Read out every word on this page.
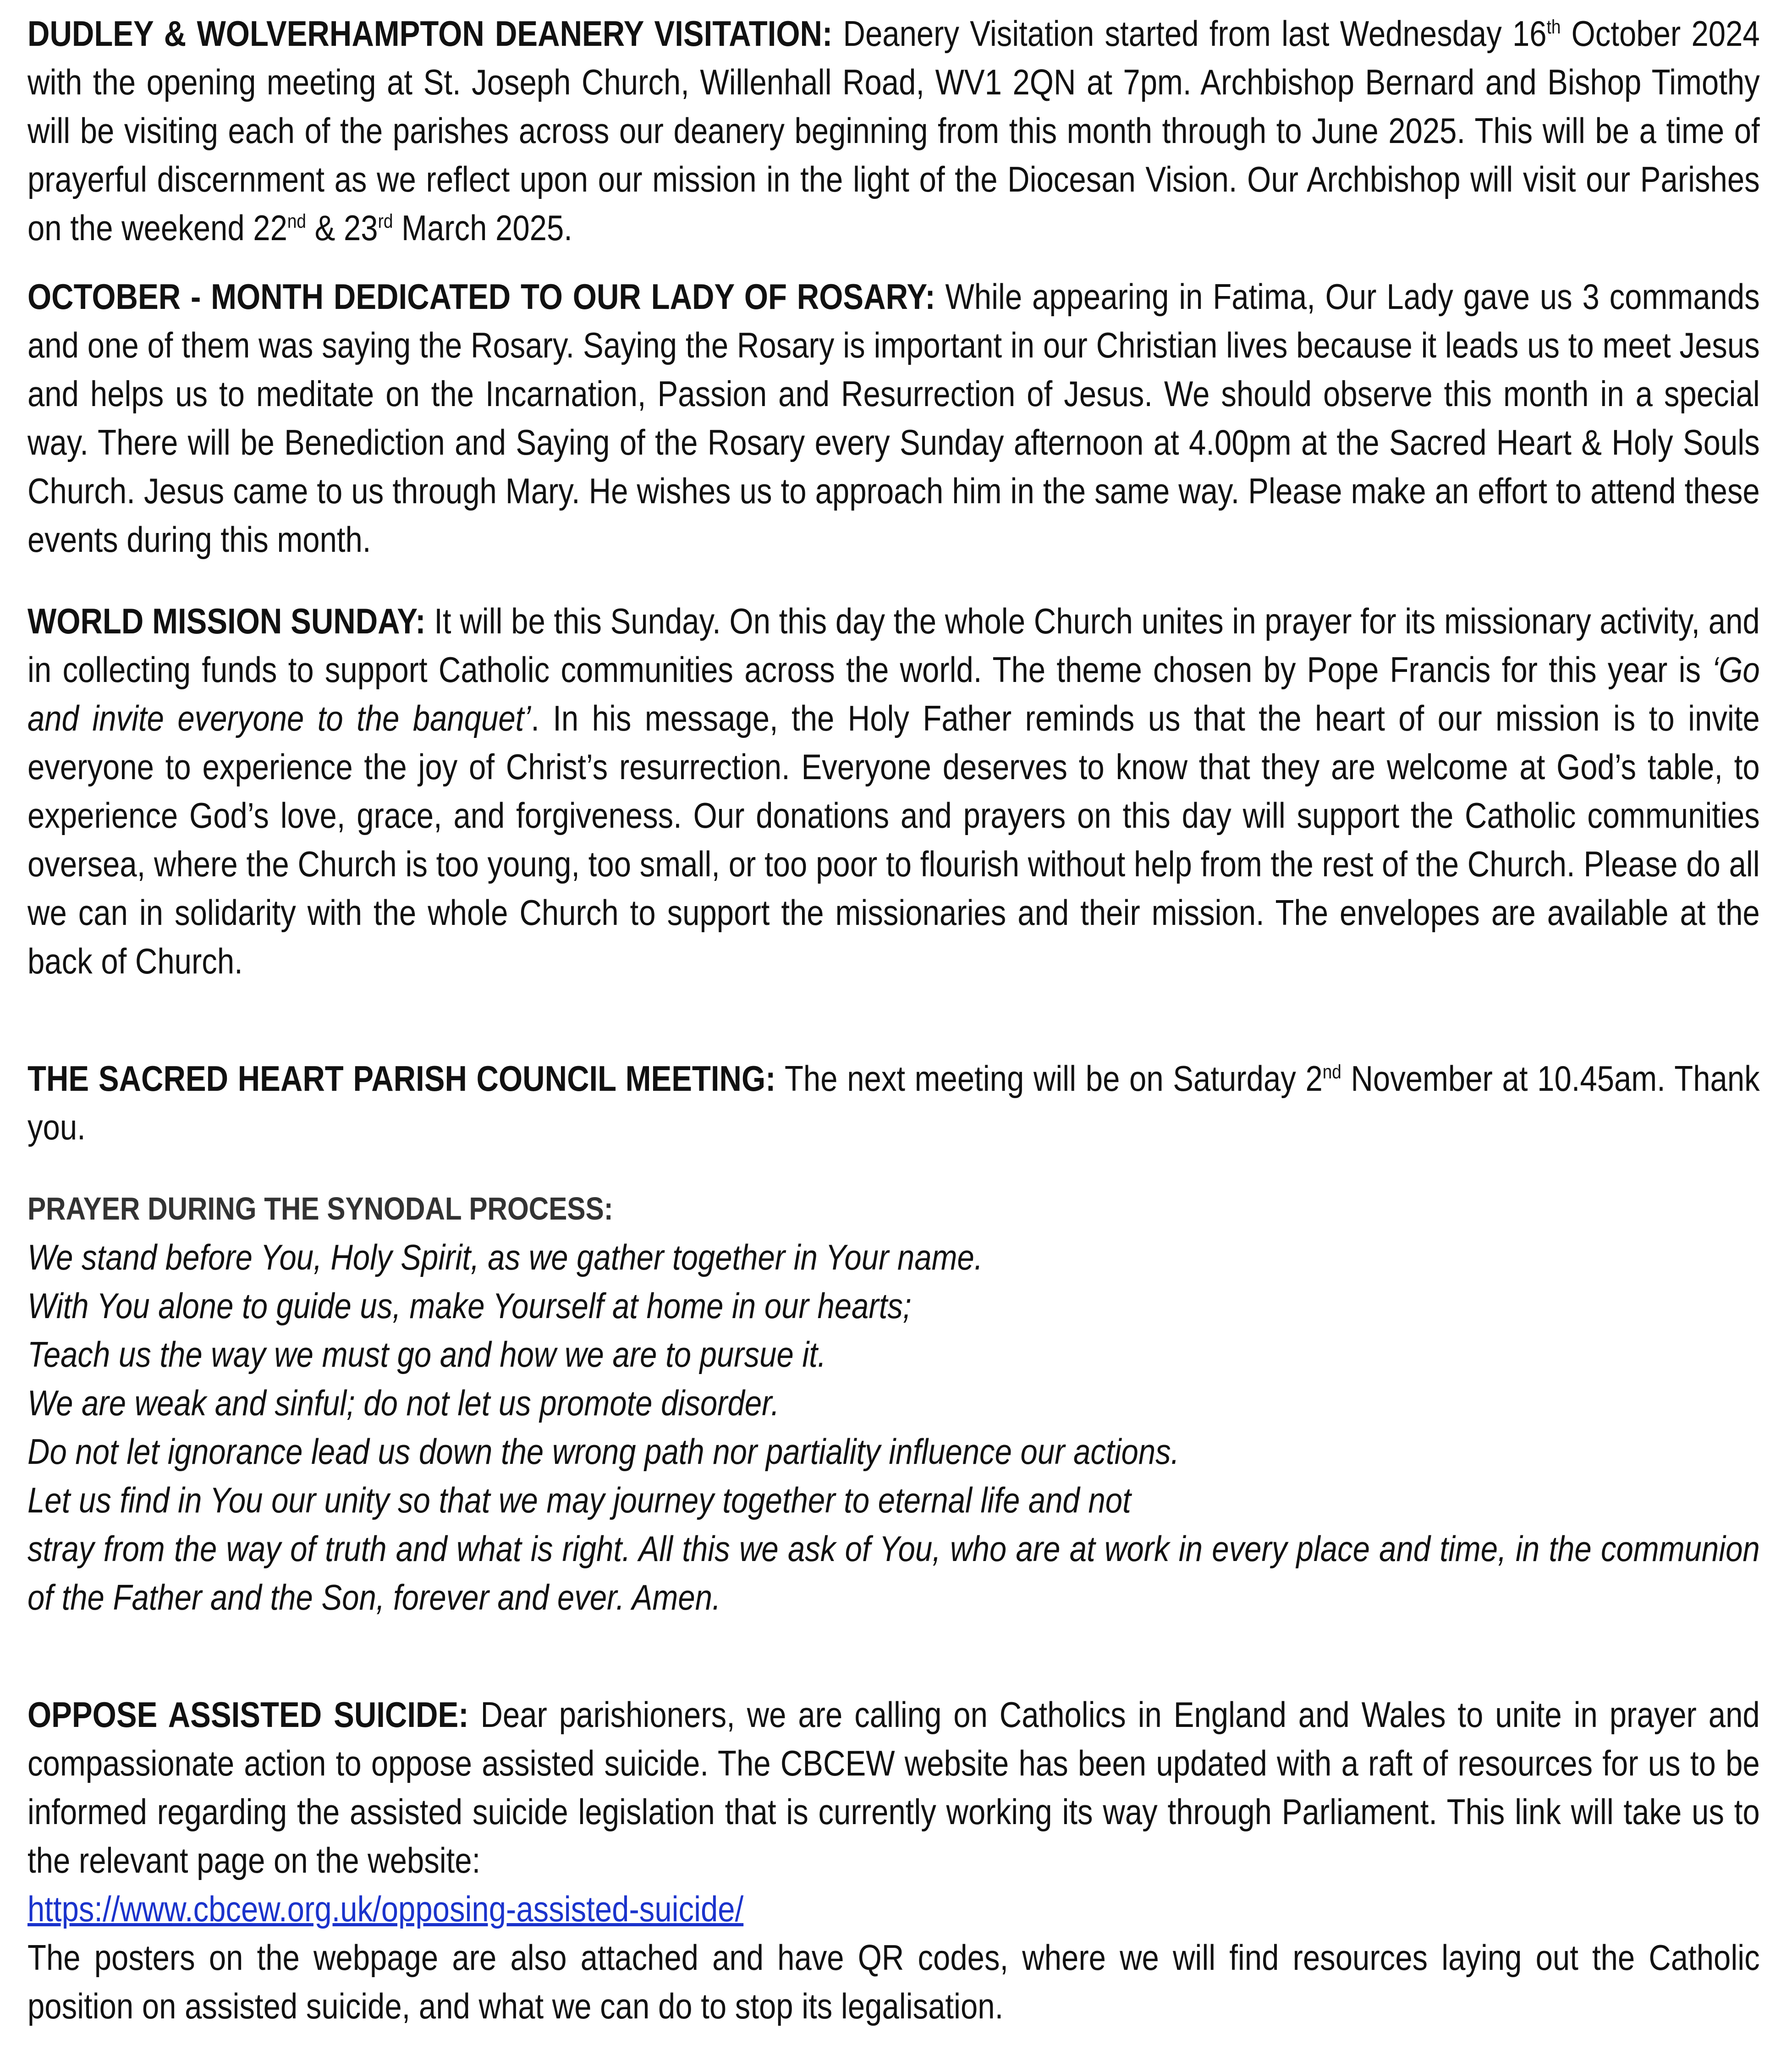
DUDLEY & WOLVERHAMPTON DEANERY VISITATION: Deanery Visitation started from last Wednesday 16th October 2024 with the opening meeting at St. Joseph Church, Willenhall Road, WV1 2QN at 7pm. Archbishop Bernard and Bishop Timothy will be visiting each of the parishes across our deanery beginning from this month through to June 2025. This will be a time of prayerful discernment as we reflect upon our mission in the light of the Diocesan Vision. Our Archbishop will visit our Parishes on the weekend 22nd & 23rd March 2025.

OCTOBER - MONTH DEDICATED TO OUR LADY OF ROSARY: While appearing in Fatima, Our Lady gave us 3 commands and one of them was saying the Rosary. Saying the Rosary is important in our Christian lives because it leads us to meet Jesus and helps us to meditate on the Incarnation, Passion and Resurrection of Jesus. We should observe this month in a special way. There will be Benediction and Saying of the Rosary every Sunday afternoon at 4.00pm at the Sacred Heart & Holy Souls Church. Jesus came to us through Mary. He wishes us to approach him in the same way. Please make an effort to attend these events during this month.

WORLD MISSION SUNDAY: It will be this Sunday. On this day the whole Church unites in prayer for its missionary activity, and in collecting funds to support Catholic communities across the world. The theme chosen by Pope Francis for this year is ‘Go and invite everyone to the banquet’. In his message, the Holy Father reminds us that the heart of our mission is to invite everyone to experience the joy of Christ’s resurrection. Everyone deserves to know that they are welcome at God’s table, to experience God’s love, grace, and forgiveness. Our donations and prayers on this day will support the Catholic communities oversea, where the Church is too young, too small, or too poor to flourish without help from the rest of the Church. Please do all we can in solidarity with the whole Church to support the missionaries and their mission. The envelopes are available at the back of Church.

THE SACRED HEART PARISH COUNCIL MEETING: The next meeting will be on Saturday 2nd November at 10.45am. Thank you.

PRAYER DURING THE SYNODAL PROCESS:

We stand before You, Holy Spirit, as we gather together in Your name.

With You alone to guide us, make Yourself at home in our hearts;

Teach us the way we must go and how we are to pursue it.

We are weak and sinful; do not let us promote disorder.

Do not let ignorance lead us down the wrong path nor partiality influence our actions.

Let us find in You our unity so that we may journey together to eternal life and not

stray from the way of truth and what is right. All this we ask of You, who are at work in every place and time, in the communion of the Father and the Son, forever and ever. Amen.

OPPOSE ASSISTED SUICIDE: Dear parishioners, we are calling on Catholics in England and Wales to unite in prayer and compassionate action to oppose assisted suicide. The CBCEW website has been updated with a raft of resources for us to be informed regarding the assisted suicide legislation that is currently working its way through Parliament. This link will take us to the relevant page on the website:

https://www.cbcew.org.uk/opposing-assisted-suicide/

The posters on the webpage are also attached and have QR codes, where we will find resources laying out the Catholic position on assisted suicide, and what we can do to stop its legalisation.
